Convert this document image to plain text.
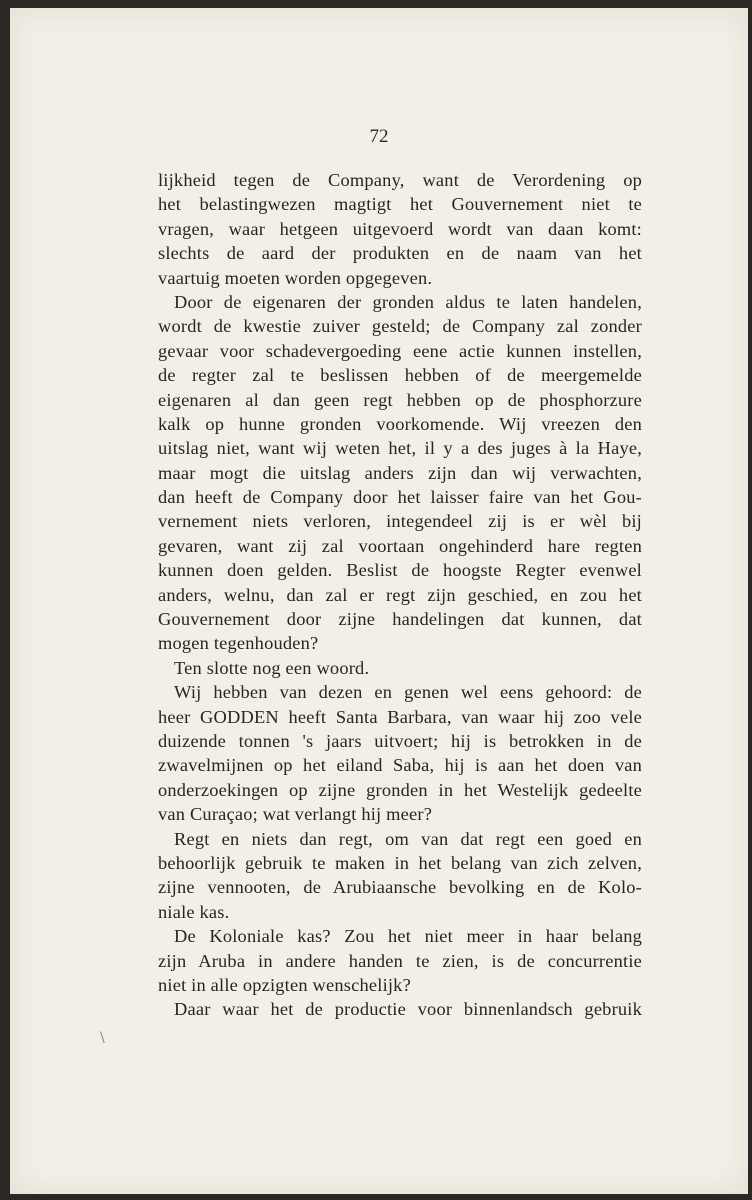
72
lijkheid tegen de Company, want de Verordening op
het belastingwezen magtigt het Gouvernement niet te
vragen, waar hetgeen uitgevoerd wordt van daan komt:
slechts de aard der produkten en de naam van het
vaartuig moeten worden opgegeven.
Door de eigenaren der gronden aldus te laten handelen,
wordt de kwestie zuiver gesteld; de Company zal zonder
gevaar voor schadevergoeding eene actie kunnen instellen,
de regter zal te beslissen hebben of de meergemelde
eigenaren al dan geen regt hebben op de phosphorzure
kalk op hunne gronden voorkomende. Wij vreezen den
uitslag niet, want wij weten het, il y a des juges à la Haye,
maar mogt die uitslag anders zijn dan wij verwachten,
dan heeft de Company door het laisser faire van het Gou-
vernement niets verloren, integendeel zij is er wèl bij
gevaren, want zij zal voortaan ongehinderd hare regten
kunnen doen gelden. Beslist de hoogste Regter evenwel
anders, welnu, dan zal er regt zijn geschied, en zou het
Gouvernement door zijne handelingen dat kunnen, dat
mogen tegenhouden?
Ten slotte nog een woord.
Wij hebben van dezen en genen wel eens gehoord: de
heer GODDEN heeft Santa Barbara, van waar hij zoo vele
duizende tonnen 's jaars uitvoert; hij is betrokken in de
zwavelmijnen op het eiland Saba, hij is aan het doen van
onderzoekingen op zijne gronden in het Westelijk gedeelte
van Curaçao; wat verlangt hij meer?
Regt en niets dan regt, om van dat regt een goed en
behoorlijk gebruik te maken in het belang van zich zelven,
zijne vennooten, de Arubiaansche bevolking en de Kolo-
niale kas.
De Koloniale kas? Zou het niet meer in haar belang
zijn Aruba in andere handen te zien, is de concurrentie
niet in alle opzigten wenschelijk?
Daar waar het de productie voor binnenlandsch gebruik
\
